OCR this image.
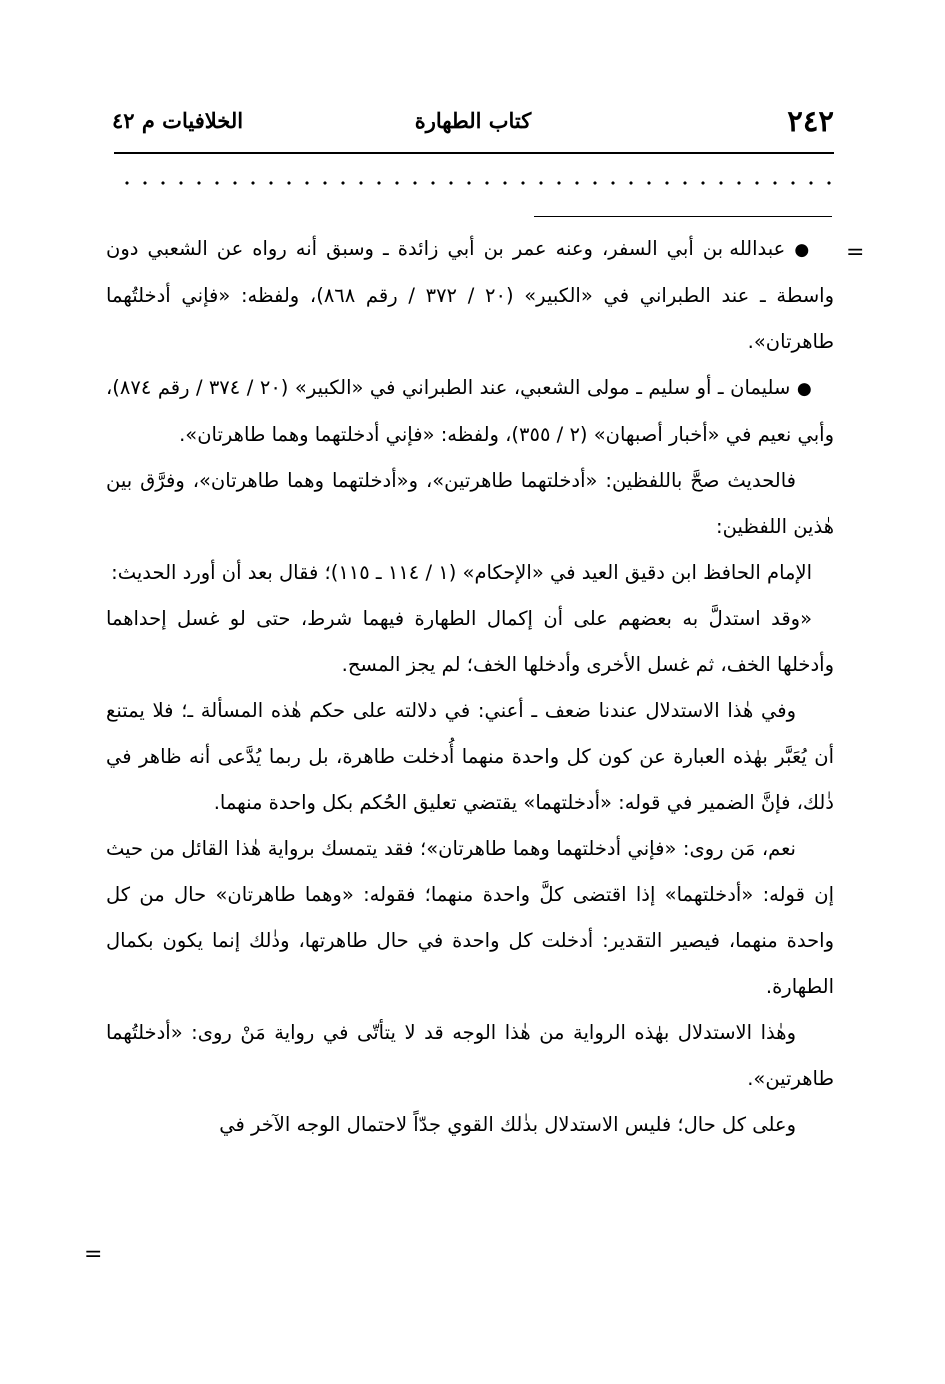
٢٤٢
كتاب الطهارة
الخلافيات م ٤٢
=
=

● عبدالله بن أبي السفر، وعنه عمر بن أبي زائدة ـ وسبق أنه رواه عن الشعبي دون واسطة ـ عند الطبراني في «الكبير» (٢٠ / ٣٧٢ / رقم ٨٦٨)، ولفظه: «فإني أدخلتُهما طاهرتان».

● سليمان ـ أو سليم ـ مولى الشعبي، عند الطبراني في «الكبير» (٢٠ / ٣٧٤ / رقم ٨٧٤)، وأبي نعيم في «أخبار أصبهان» (٢ / ٣٥٥)، ولفظه: «فإني أدخلتهما وهما طاهرتان».

فالحديث صحَّ باللفظين: «أدخلتهما طاهرتين»، و«أدخلتهما وهما طاهرتان»، وفرَّق بين هٰذين اللفظين:

الإمام الحافظ ابن دقيق العيد في «الإحكام» (١ / ١١٤ ـ ١١٥)؛ فقال بعد أن أورد الحديث:

«وقد استدلَّ به بعضهم على أن إكمال الطهارة فيهما شرط، حتى لو غسل إحداهما وأدخلها الخف، ثم غسل الأخرى وأدخلها الخف؛ لم يجز المسح.

وفي هٰذا الاستدلال عندنا ضعف ـ أعني: في دلالته على حكم هٰذه المسألة ـ؛ فلا يمتنع أن يُعَبَّر بهٰذه العبارة عن كون كل واحدة منهما أُدخلت طاهرة، بل ربما يُدَّعى أنه ظاهر في ذٰلك، فإنَّ الضمير في قوله: «أدخلتهما» يقتضي تعليق الحُكم بكل واحدة منهما.

نعم، مَن روى: «فإني أدخلتهما وهما طاهرتان»؛ فقد يتمسك برواية هٰذا القائل من حيث إن قوله: «أدخلتهما» إذا اقتضى كلَّ واحدة منهما؛ فقوله: «وهما طاهرتان» حال من كل واحدة منهما، فيصير التقدير: أدخلت كل واحدة في حال طاهرتها، وذٰلك إنما يكون بكمال الطهارة.

وهٰذا الاستدلال بهٰذه الرواية من هٰذا الوجه قد لا يتأتّى في رواية مَنْ روى: «أدخلتُهما طاهرتين».

وعلى كل حال؛ فليس الاستدلال بذٰلك القوي جدّاً لاحتمال الوجه الآخر في
